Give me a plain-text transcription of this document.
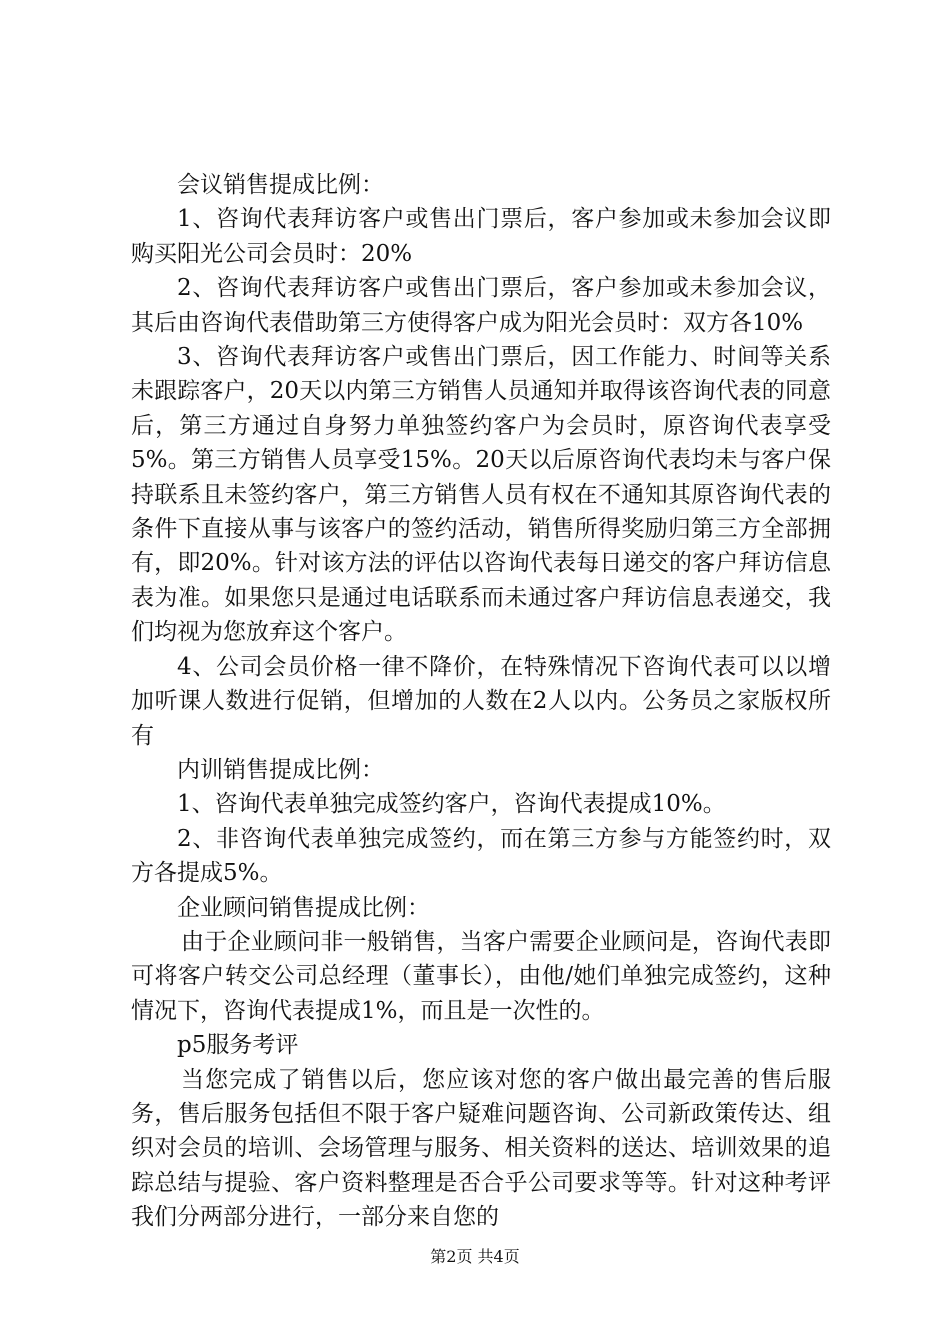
会议销售提成比例：

1、咨询代表拜访客户或售出门票后，客户参加或未参加会议即购买阳光公司会员时：20%

2、咨询代表拜访客户或售出门票后，客户参加或未参加会议，其后由咨询代表借助第三方使得客户成为阳光会员时：双方各10%

3、咨询代表拜访客户或售出门票后，因工作能力、时间等关系未跟踪客户，20天以内第三方销售人员通知并取得该咨询代表的同意后，第三方通过自身努力单独签约客户为会员时，原咨询代表享受5%。第三方销售人员享受15%。20天以后原咨询代表均未与客户保持联系且未签约客户，第三方销售人员有权在不通知其原咨询代表的条件下直接从事与该客户的签约活动，销售所得奖励归第三方全部拥有，即20%。针对该方法的评估以咨询代表每日递交的客户拜访信息表为准。如果您只是通过电话联系而未通过客户拜访信息表递交，我们均视为您放弃这个客户。

4、公司会员价格一律不降价，在特殊情况下咨询代表可以以增加听课人数进行促销，但增加的人数在2人以内。公务员之家版权所有

内训销售提成比例：

1、咨询代表单独完成签约客户，咨询代表提成10%。

2、非咨询代表单独完成签约，而在第三方参与方能签约时，双方各提成5%。

企业顾问销售提成比例：

由于企业顾问非一般销售，当客户需要企业顾问是，咨询代表即可将客户转交公司总经理（董事长），由他/她们单独完成签约，这种情况下，咨询代表提成1%，而且是一次性的。

p5服务考评

当您完成了销售以后，您应该对您的客户做出最完善的售后服务，售后服务包括但不限于客户疑难问题咨询、公司新政策传达、组织对会员的培训、会场管理与服务、相关资料的送达、培训效果的追踪总结与提验、客户资料整理是否合乎公司要求等等。针对这种考评我们分两部分进行，一部分来自您的

第2页 共4页
